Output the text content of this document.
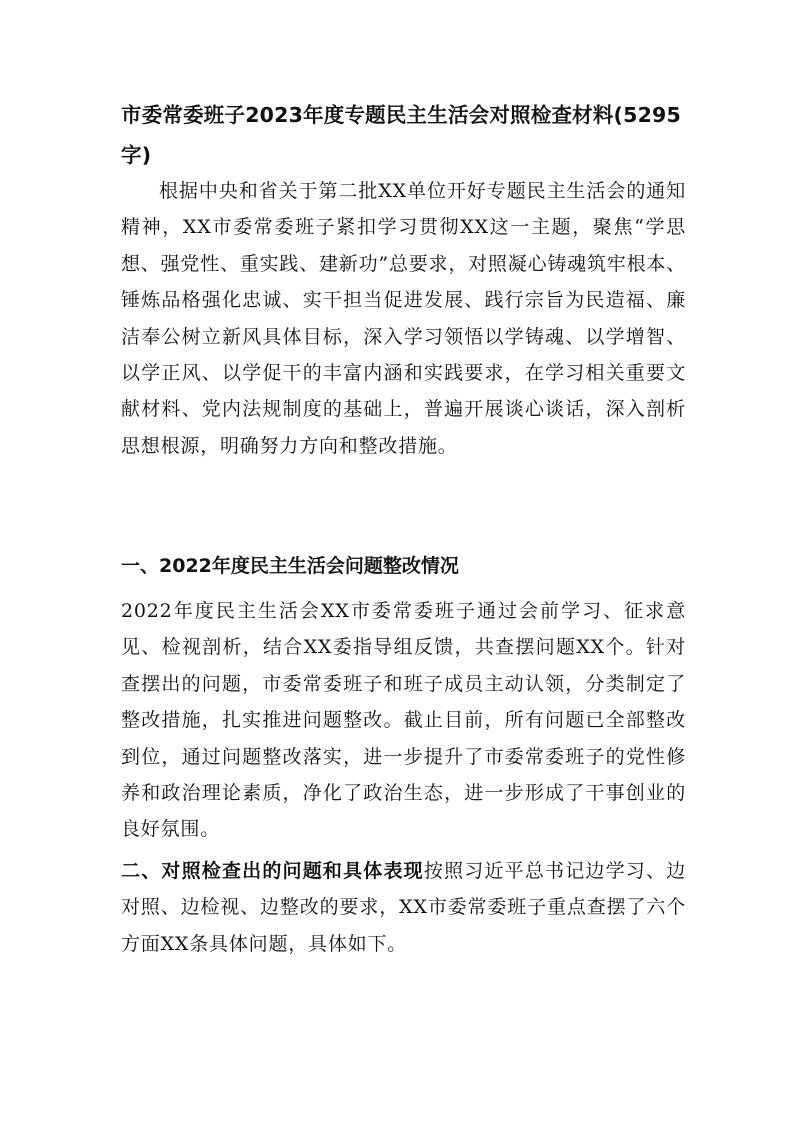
市委常委班子2023年度专题民主生活会对照检查材料(5295字)
根据中央和省关于第二批XX单位开好专题民主生活会的通知精神，XX市委常委班子紧扣学习贯彻XX这一主题，聚焦“学思想、强党性、重实践、建新功”总要求，对照凝心铸魂筑牢根本、锤炼品格强化忠诚、实干担当促进发展、践行宗旨为民造福、廉洁奉公树立新风具体目标，深入学习领悟以学铸魂、以学增智、以学正风、以学促干的丰富内涵和实践要求，在学习相关重要文献材料、党内法规制度的基础上，普遍开展谈心谈话，深入剖析思想根源，明确努力方向和整改措施。
一、2022年度民主生活会问题整改情况
2022年度民主生活会XX市委常委班子通过会前学习、征求意见、检视剖析，结合XX委指导组反馈，共查摆问题XX个。针对查摆出的问题，市委常委班子和班子成员主动认领，分类制定了整改措施，扎实推进问题整改。截止目前，所有问题已全部整改到位，通过问题整改落实，进一步提升了市委常委班子的党性修养和政治理论素质，净化了政治生态，进一步形成了干事创业的良好氛围。
二、对照检查出的问题和具体表现按照习近平总书记边学习、边对照、边检视、边整改的要求，XX市委常委班子重点查摆了六个方面XX条具体问题，具体如下。
